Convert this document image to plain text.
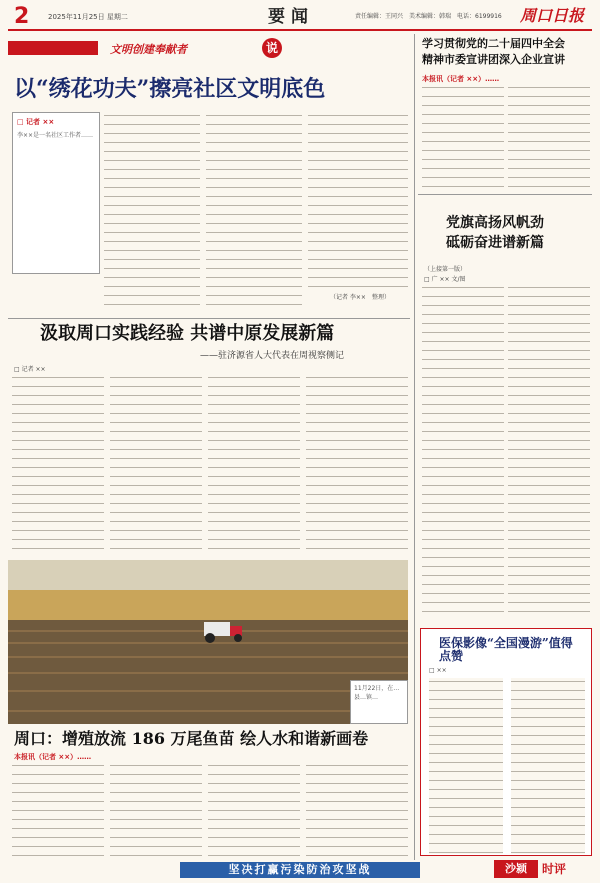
2	2025年11月25日 星期二	要闻	责任编辑：王同兴　美术编辑：韩瑞　电话：6199916 周口日报
文明创建奉献者	说
以“绣花功夫”擦亮社区文明底色
□ 记者 ××
李××是一名社区工作者……
（记者 李××　整理）
汲取周口实践经验 共谱中原发展新篇
——驻济源省人大代表在周视察侧记
□ 记者 ××
11月22日，在…县…镇…
周口：增殖放流 186 万尾鱼苗 绘人水和谐新画卷
本报讯（记者 ××）……
学习贯彻党的二十届四中全会
精神市委宣讲团深入企业宣讲
本报讯（记者 ××）……
党旗高扬风帆劲
砥砺奋进谱新篇
（上接第一版）
□ 广 ×× 文/图
医保影像“全国漫游”值得点赞
□ ××
坚决打赢污染防治攻坚战	沙颍	时评
